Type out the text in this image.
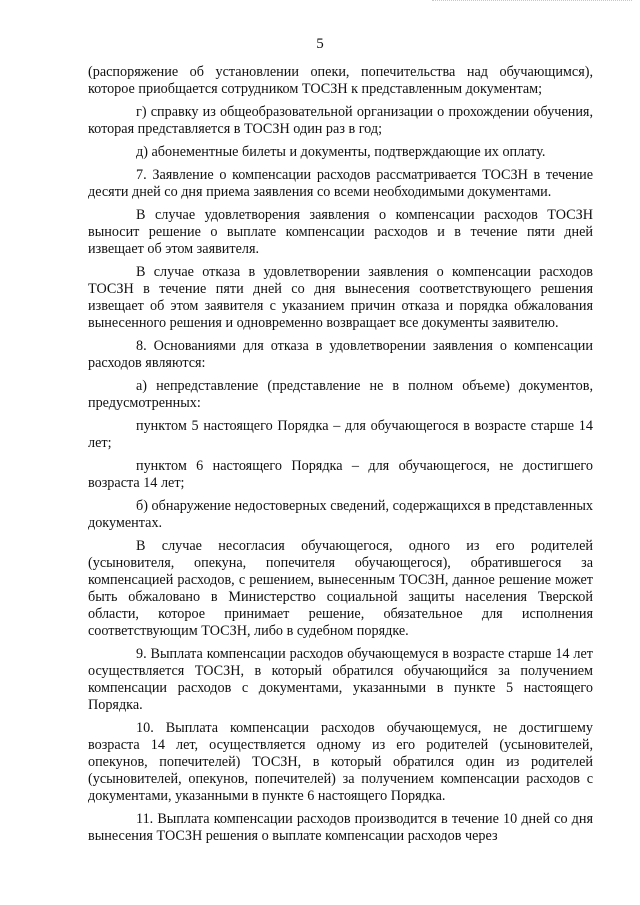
5

(распоряжение об установлении опеки, попечительства над обучающимся), которое приобщается сотрудником ТОСЗН к представленным документам;

г) справку из общеобразовательной организации о прохождении обучения, которая представляется в ТОСЗН один раз в год;

д) абонементные билеты и документы, подтверждающие их оплату.

7. Заявление о компенсации расходов рассматривается ТОСЗН в течение десяти дней со дня приема заявления со всеми необходимыми документами.

В случае удовлетворения заявления о компенсации расходов ТОСЗН выносит решение о выплате компенсации расходов и в течение пяти дней извещает об этом заявителя.

В случае отказа в удовлетворении заявления о компенсации расходов ТОСЗН в течение пяти дней со дня вынесения соответствующего решения извещает об этом заявителя с указанием причин отказа и порядка обжалования вынесенного решения и одновременно возвращает все документы заявителю.

8. Основаниями для отказа в удовлетворении заявления о компенсации расходов являются:

а) непредставление (представление не в полном объеме) документов, предусмотренных:

пунктом 5 настоящего Порядка – для обучающегося в возрасте старше 14 лет;

пунктом 6 настоящего Порядка – для обучающегося, не достигшего возраста 14 лет;

б) обнаружение недостоверных сведений, содержащихся в представленных документах.

В случае несогласия обучающегося, одного из его родителей (усыновителя, опекуна, попечителя обучающегося), обратившегося за компенсацией расходов, с решением, вынесенным ТОСЗН, данное решение может быть обжаловано в Министерство социальной защиты населения Тверской области, которое принимает решение, обязательное для исполнения соответствующим ТОСЗН, либо в судебном порядке.

9. Выплата компенсации расходов обучающемуся в возрасте старше 14 лет осуществляется ТОСЗН, в который обратился обучающийся за получением компенсации расходов с документами, указанными в пункте 5 настоящего Порядка.

10. Выплата компенсации расходов обучающемуся, не достигшему возраста 14 лет, осуществляется одному из его родителей (усыновителей, опекунов, попечителей) ТОСЗН, в который обратился один из родителей (усыновителей, опекунов, попечителей) за получением компенсации расходов с документами, указанными в пункте 6 настоящего Порядка.

11. Выплата компенсации расходов производится в течение 10 дней со дня вынесения ТОСЗН решения о выплате компенсации расходов через
